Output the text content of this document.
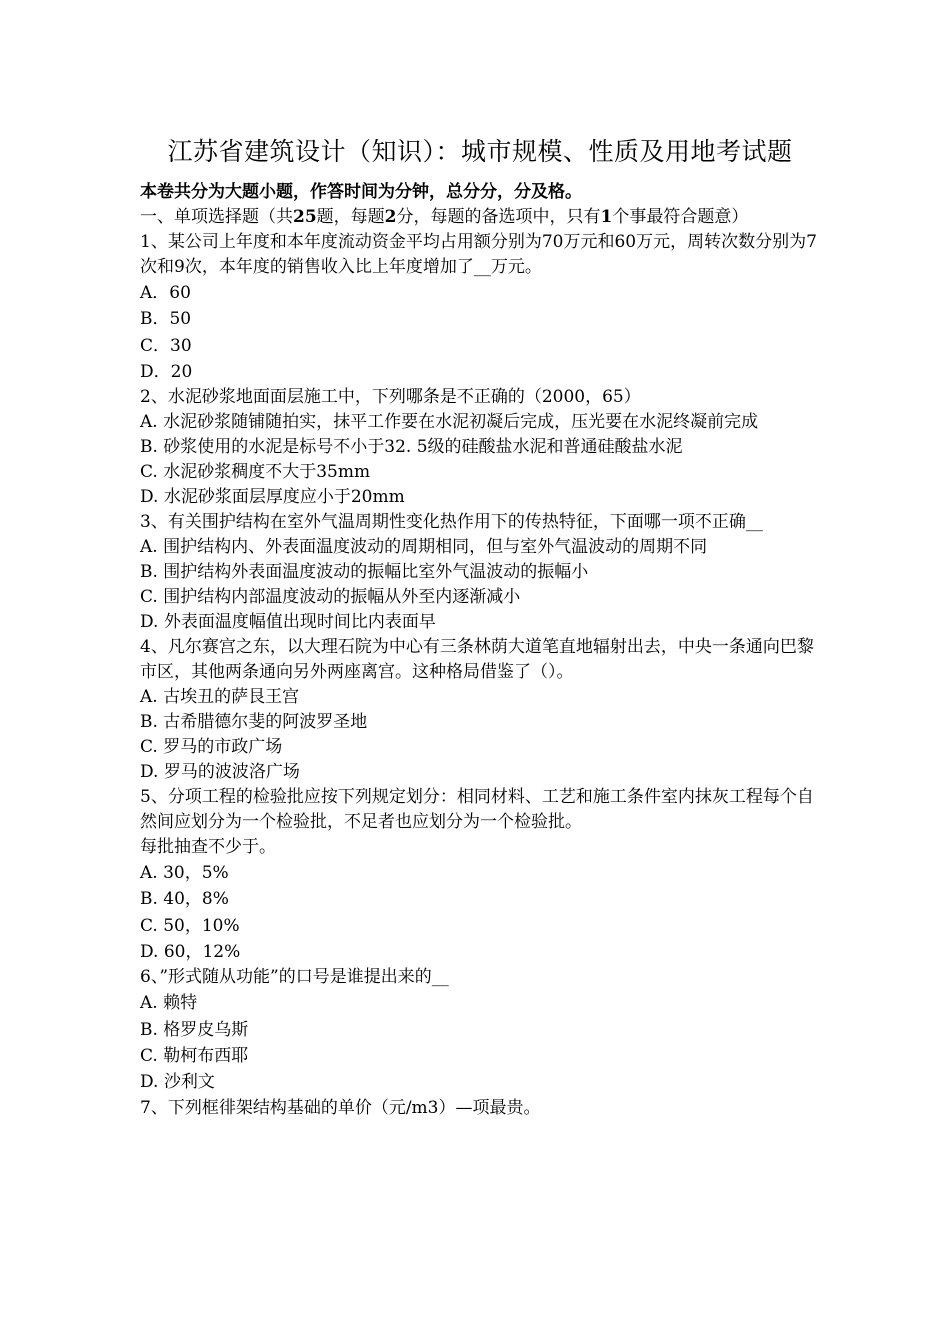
江苏省建筑设计（知识）：城市规模、性质及用地考试题
本卷共分为大题小题，作答时间为分钟，总分分，分及格。
一、单项选择题（共25题，每题2分，每题的备选项中，只有1个事最符合题意）
1、某公司上年度和本年度流动资金平均占用额分别为70万元和60万元，周转次数分别为7次和9次，本年度的销售收入比上年度增加了__万元。
A．60
B．50
C．30
D．20
2、水泥砂浆地面面层施工中，下列哪条是不正确的（2000，65）
A. 水泥砂浆随铺随拍实，抹平工作要在水泥初凝后完成，压光要在水泥终凝前完成
B. 砂浆使用的水泥是标号不小于32. 5级的硅酸盐水泥和普通硅酸盐水泥
C. 水泥砂浆稠度不大于35mm
D. 水泥砂浆面层厚度应小于20mm
3、有关围护结构在室外气温周期性变化热作用下的传热特征，下面哪一项不正确__
A. 围护结构内、外表面温度波动的周期相同，但与室外气温波动的周期不同
B. 围护结构外表面温度波动的振幅比室外气温波动的振幅小
C. 围护结构内部温度波动的振幅从外至内逐渐减小
D. 外表面温度幅值出现时间比内表面早
4、凡尔赛宫之东，以大理石院为中心有三条林荫大道笔直地辐射出去，中央一条通向巴黎市区，其他两条通向另外两座离宫。这种格局借鉴了（）。
A. 古埃丑的萨艮王宫
B. 古希腊德尔斐的阿波罗圣地
C. 罗马的市政广场
D. 罗马的波波洛广场
5、分项工程的检验批应按下列规定划分：相同材料、工艺和施工条件室内抹灰工程每个自然间应划分为一个检验批，不足者也应划分为一个检验批。
每批抽查不少于。
A. 30，5%
B. 40，8%
C. 50，10%
D. 60，12%
6、”形式随从功能”的口号是谁提出来的__
A. 赖特
B. 格罗皮乌斯
C. 勒柯布西耶
D. 沙利文
7、下列框徘架结构基础的单价（元/m3）—项最贵。
